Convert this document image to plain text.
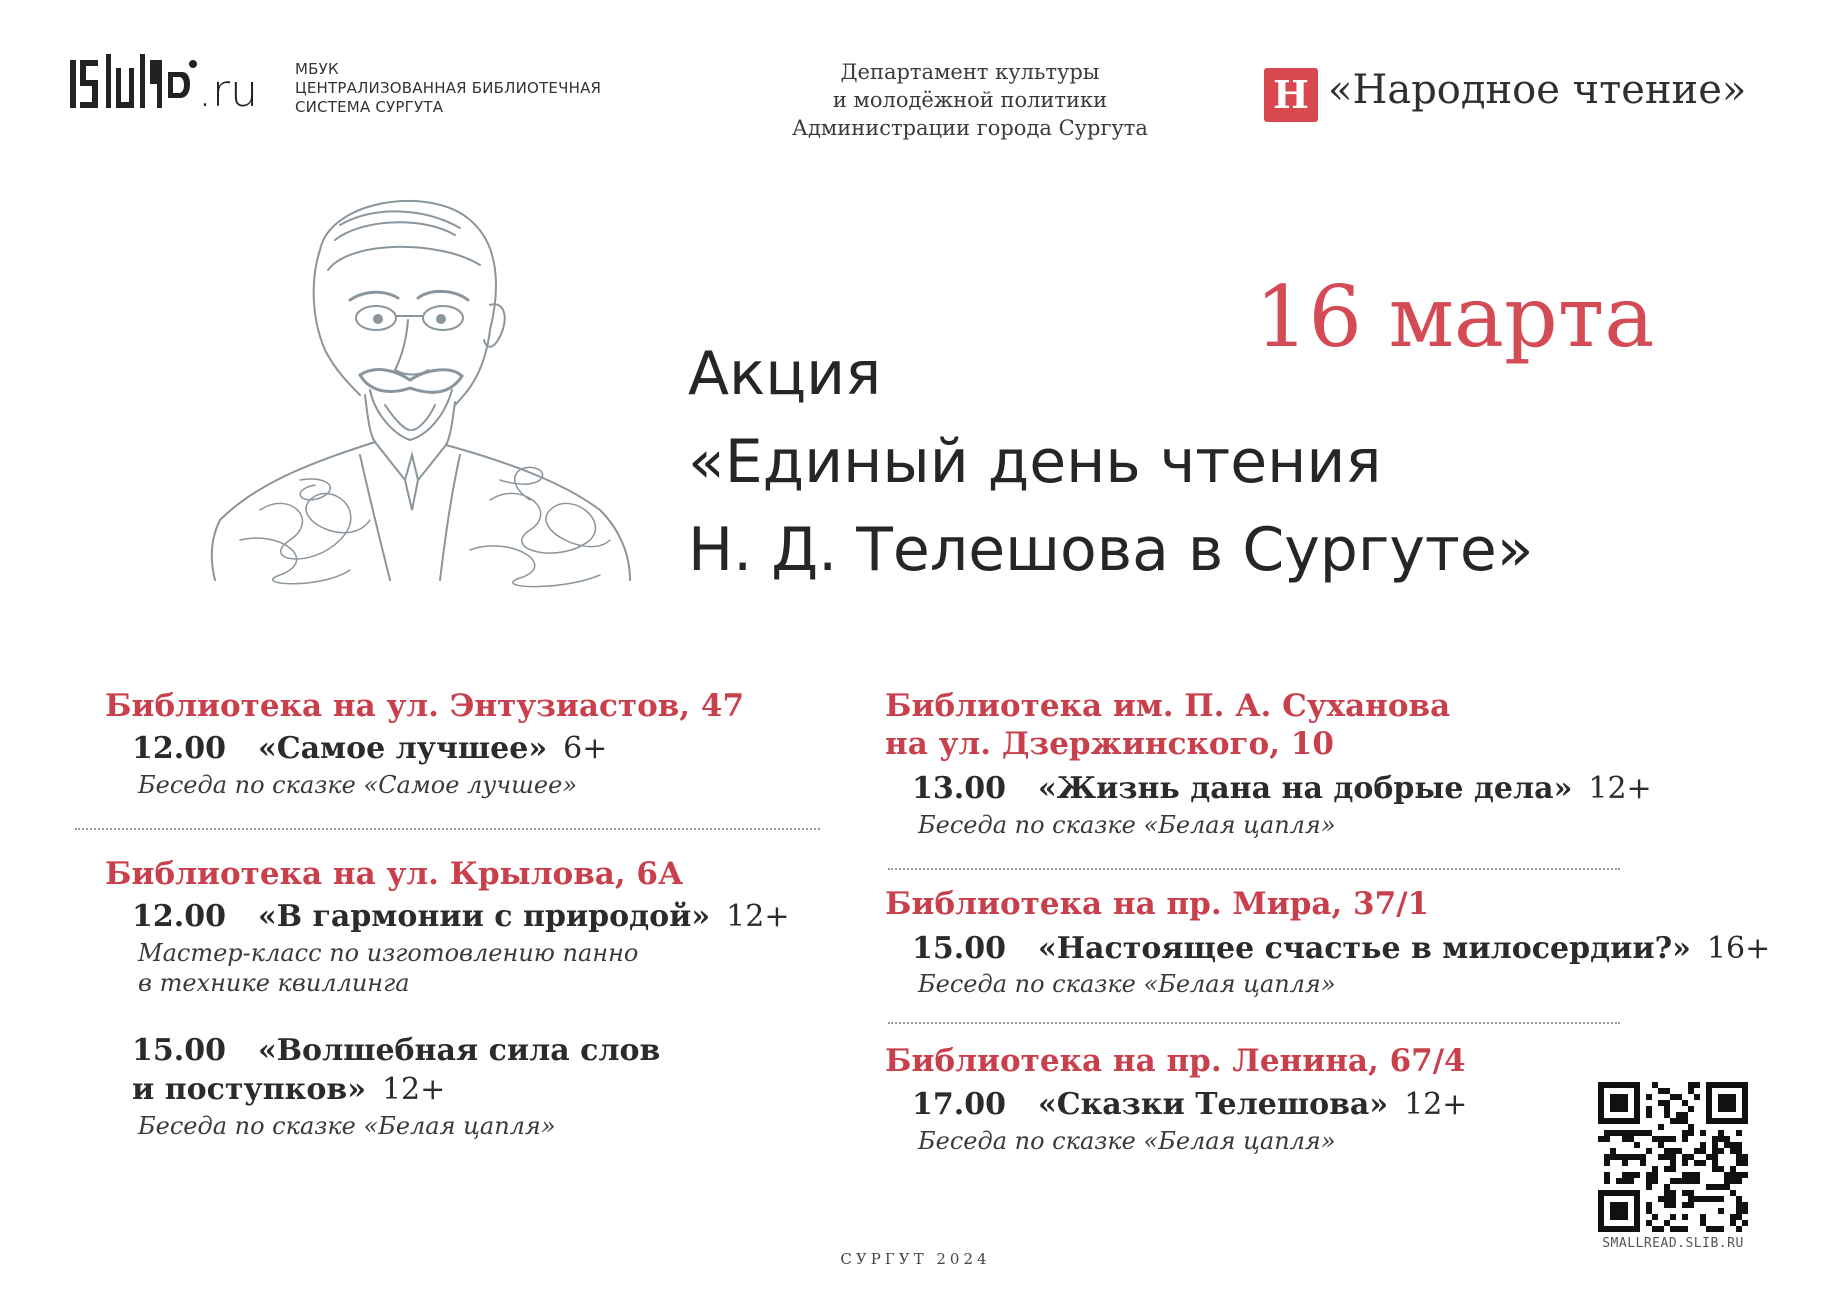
.ru МБУК
ЦЕНТРАЛИЗОВАННАЯ БИБЛИОТЕЧНАЯ
СИСТЕМА СУРГУТА
Департамент культуры
и молодёжной политики
Администрации города Сургута
Н «Народное чтение»
16 марта
Акция
«Единый день чтения
Н. Д. Телешова в Сургуте»
Библиотека на ул. Энтузиастов, 47
12.00 «Самое лучшее» 6+
Беседа по сказке «Самое лучшее»
Библиотека на ул. Крылова, 6А
12.00 «В гармонии с природой» 12+
Мастер-класс по изготовлению панно
в технике квиллинга
15.00 «Волшебная сила слов
и поступков» 12+
Беседа по сказке «Белая цапля»
Библиотека им. П. А. Суханова
на ул. Дзержинского, 10
13.00 «Жизнь дана на добрые дела» 12+
Беседа по сказке «Белая цапля»
Библиотека на пр. Мира, 37/1
15.00 «Настоящее счастье в милосердии?» 16+
Беседа по сказке «Белая цапля»
Библиотека на пр. Ленина, 67/4
17.00 «Сказки Телешова» 12+
Беседа по сказке «Белая цапля»
SMALLREAD.SLIB.RU
СУРГУТ 2024
